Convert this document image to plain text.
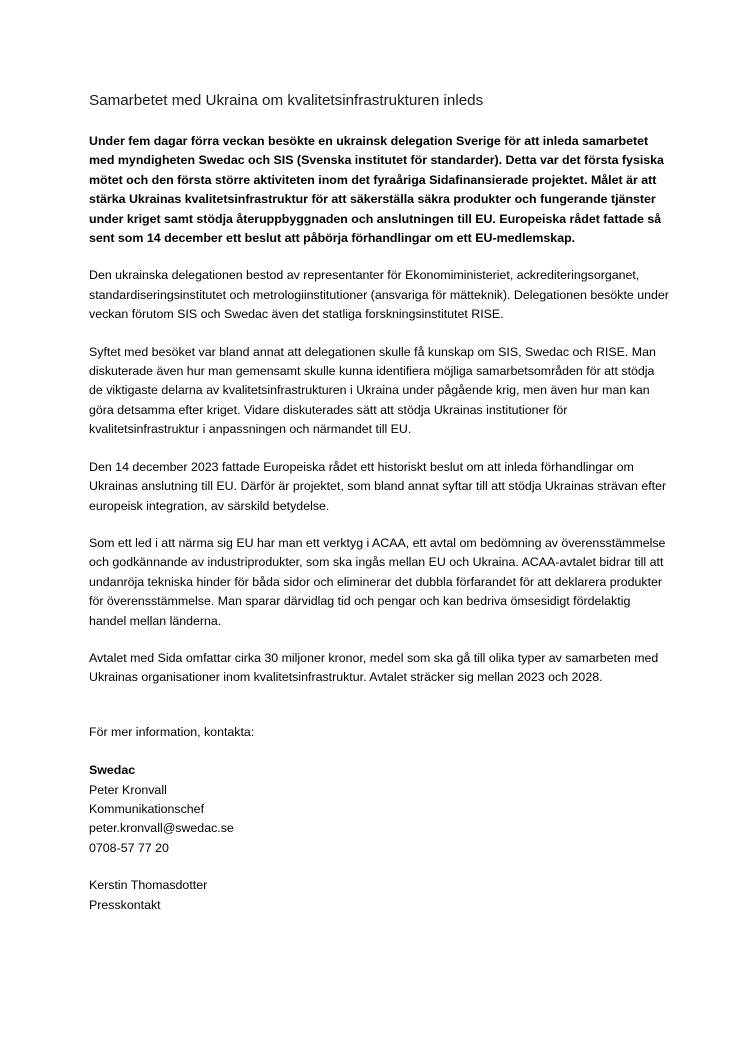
Samarbetet med Ukraina om kvalitetsinfrastrukturen inleds

Under fem dagar förra veckan besökte en ukrainsk delegation Sverige för att inleda samarbetet med myndigheten Swedac och SIS (Svenska institutet för standarder). Detta var det första fysiska mötet och den första större aktiviteten inom det fyraåriga Sidafinansierade projektet. Målet är att stärka Ukrainas kvalitetsinfrastruktur för att säkerställa säkra produkter och fungerande tjänster under kriget samt stödja återuppbyggnaden och anslutningen till EU. Europeiska rådet fattade så sent som 14 december ett beslut att påbörja förhandlingar om ett EU-medlemskap.

Den ukrainska delegationen bestod av representanter för Ekonomiministeriet, ackrediteringsorganet, standardiseringsinstitutet och metrologiinstitutioner (ansvariga för mätteknik). Delegationen besökte under veckan förutom SIS och Swedac även det statliga forskningsinstitutet RISE.

Syftet med besöket var bland annat att delegationen skulle få kunskap om SIS, Swedac och RISE. Man diskuterade även hur man gemensamt skulle kunna identifiera möjliga samarbetsområden för att stödja de viktigaste delarna av kvalitetsinfrastrukturen i Ukraina under pågående krig, men även hur man kan göra detsamma efter kriget. Vidare diskuterades sätt att stödja Ukrainas institutioner för kvalitetsinfrastruktur i anpassningen och närmandet till EU.

Den 14 december 2023 fattade Europeiska rådet ett historiskt beslut om att inleda förhandlingar om Ukrainas anslutning till EU. Därför är projektet, som bland annat syftar till att stödja Ukrainas strävan efter europeisk integration, av särskild betydelse.

Som ett led i att närma sig EU har man ett verktyg i ACAA, ett avtal om bedömning av överensstämmelse och godkännande av industriprodukter, som ska ingås mellan EU och Ukraina. ACAA-avtalet bidrar till att undanröja tekniska hinder för båda sidor och eliminerar det dubbla förfarandet för att deklarera produkter för överensstämmelse. Man sparar därvidlag tid och pengar och kan bedriva ömsesidigt fördelaktig handel mellan länderna.

Avtalet med Sida omfattar cirka 30 miljoner kronor, medel som ska gå till olika typer av samarbeten med Ukrainas organisationer inom kvalitetsinfrastruktur. Avtalet sträcker sig mellan 2023 och 2028.

För mer information, kontakta:

Swedac
Peter Kronvall
Kommunikationschef
peter.kronvall@swedac.se
0708-57 77 20
Kerstin Thomasdotter
Presskontakt
